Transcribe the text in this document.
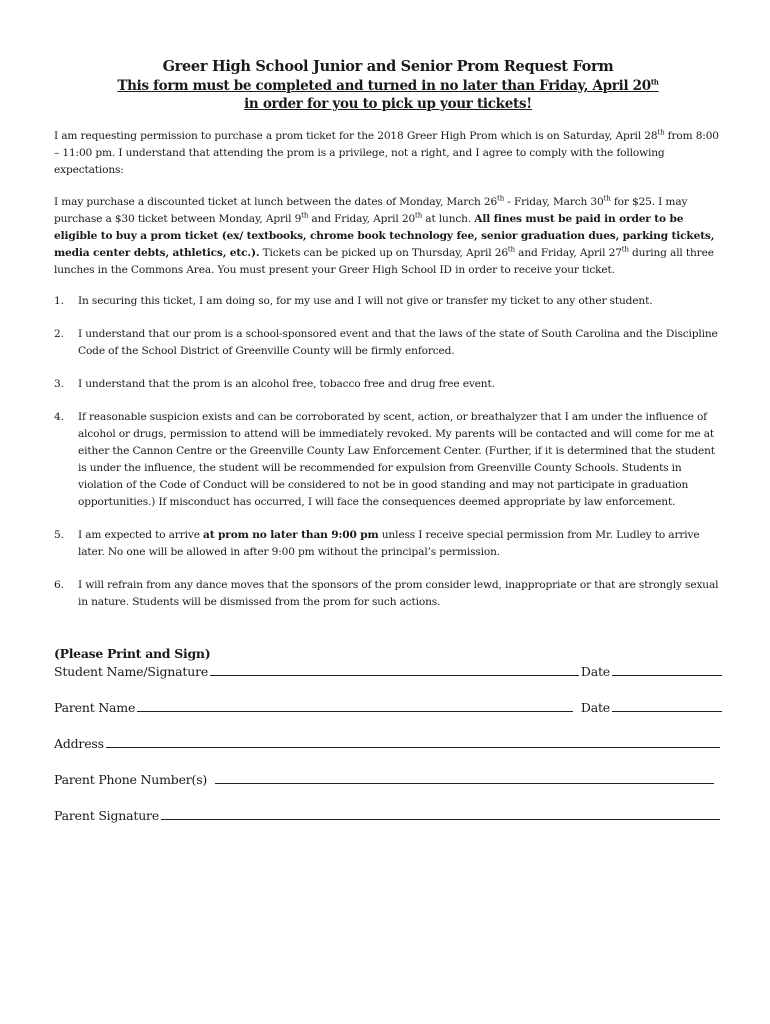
Greer High School Junior and Senior Prom Request Form
This form must be completed and turned in no later than Friday, April 20th
in order for you to pick up your tickets!

I am requesting permission to purchase a prom ticket for the 2018 Greer High Prom which is on Saturday, April 28th from 8:00 – 11:00 pm. I understand that attending the prom is a privilege, not a right, and I agree to comply with the following expectations:

I may purchase a discounted ticket at lunch between the dates of Monday, March 26th - Friday, March 30th for $25. I may purchase a $30 ticket between Monday, April 9th and Friday, April 20th at lunch. All fines must be paid in order to be eligible to buy a prom ticket (ex/ textbooks, chrome book technology fee, senior graduation dues, parking tickets, media center debts, athletics, etc.). Tickets can be picked up on Thursday, April 26th and Friday, April 27th during all three lunches in the Commons Area. You must present your Greer High School ID in order to receive your ticket.

1. In securing this ticket, I am doing so, for my use and I will not give or transfer my ticket to any other student.
2. I understand that our prom is a school-sponsored event and that the laws of the state of South Carolina and the Discipline Code of the School District of Greenville County will be firmly enforced.
3. I understand that the prom is an alcohol free, tobacco free and drug free event.
4. If reasonable suspicion exists and can be corroborated by scent, action, or breathalyzer that I am under the influence of alcohol or drugs, permission to attend will be immediately revoked. My parents will be contacted and will come for me at either the Cannon Centre or the Greenville County Law Enforcement Center. (Further, if it is determined that the student is under the influence, the student will be recommended for expulsion from Greenville County Schools. Students in violation of the Code of Conduct will be considered to not be in good standing and may not participate in graduation opportunities.) If misconduct has occurred, I will face the consequences deemed appropriate by law enforcement.
5. I am expected to arrive at prom no later than 9:00 pm unless I receive special permission from Mr. Ludley to arrive later. No one will be allowed in after 9:00 pm without the principal’s permission.
6. I will refrain from any dance moves that the sponsors of the prom consider lewd, inappropriate or that are strongly sexual in nature. Students will be dismissed from the prom for such actions.
(Please Print and Sign)
Student Name/Signature	Date
Parent Name	Date
Address
Parent Phone Number(s)
Parent Signature
